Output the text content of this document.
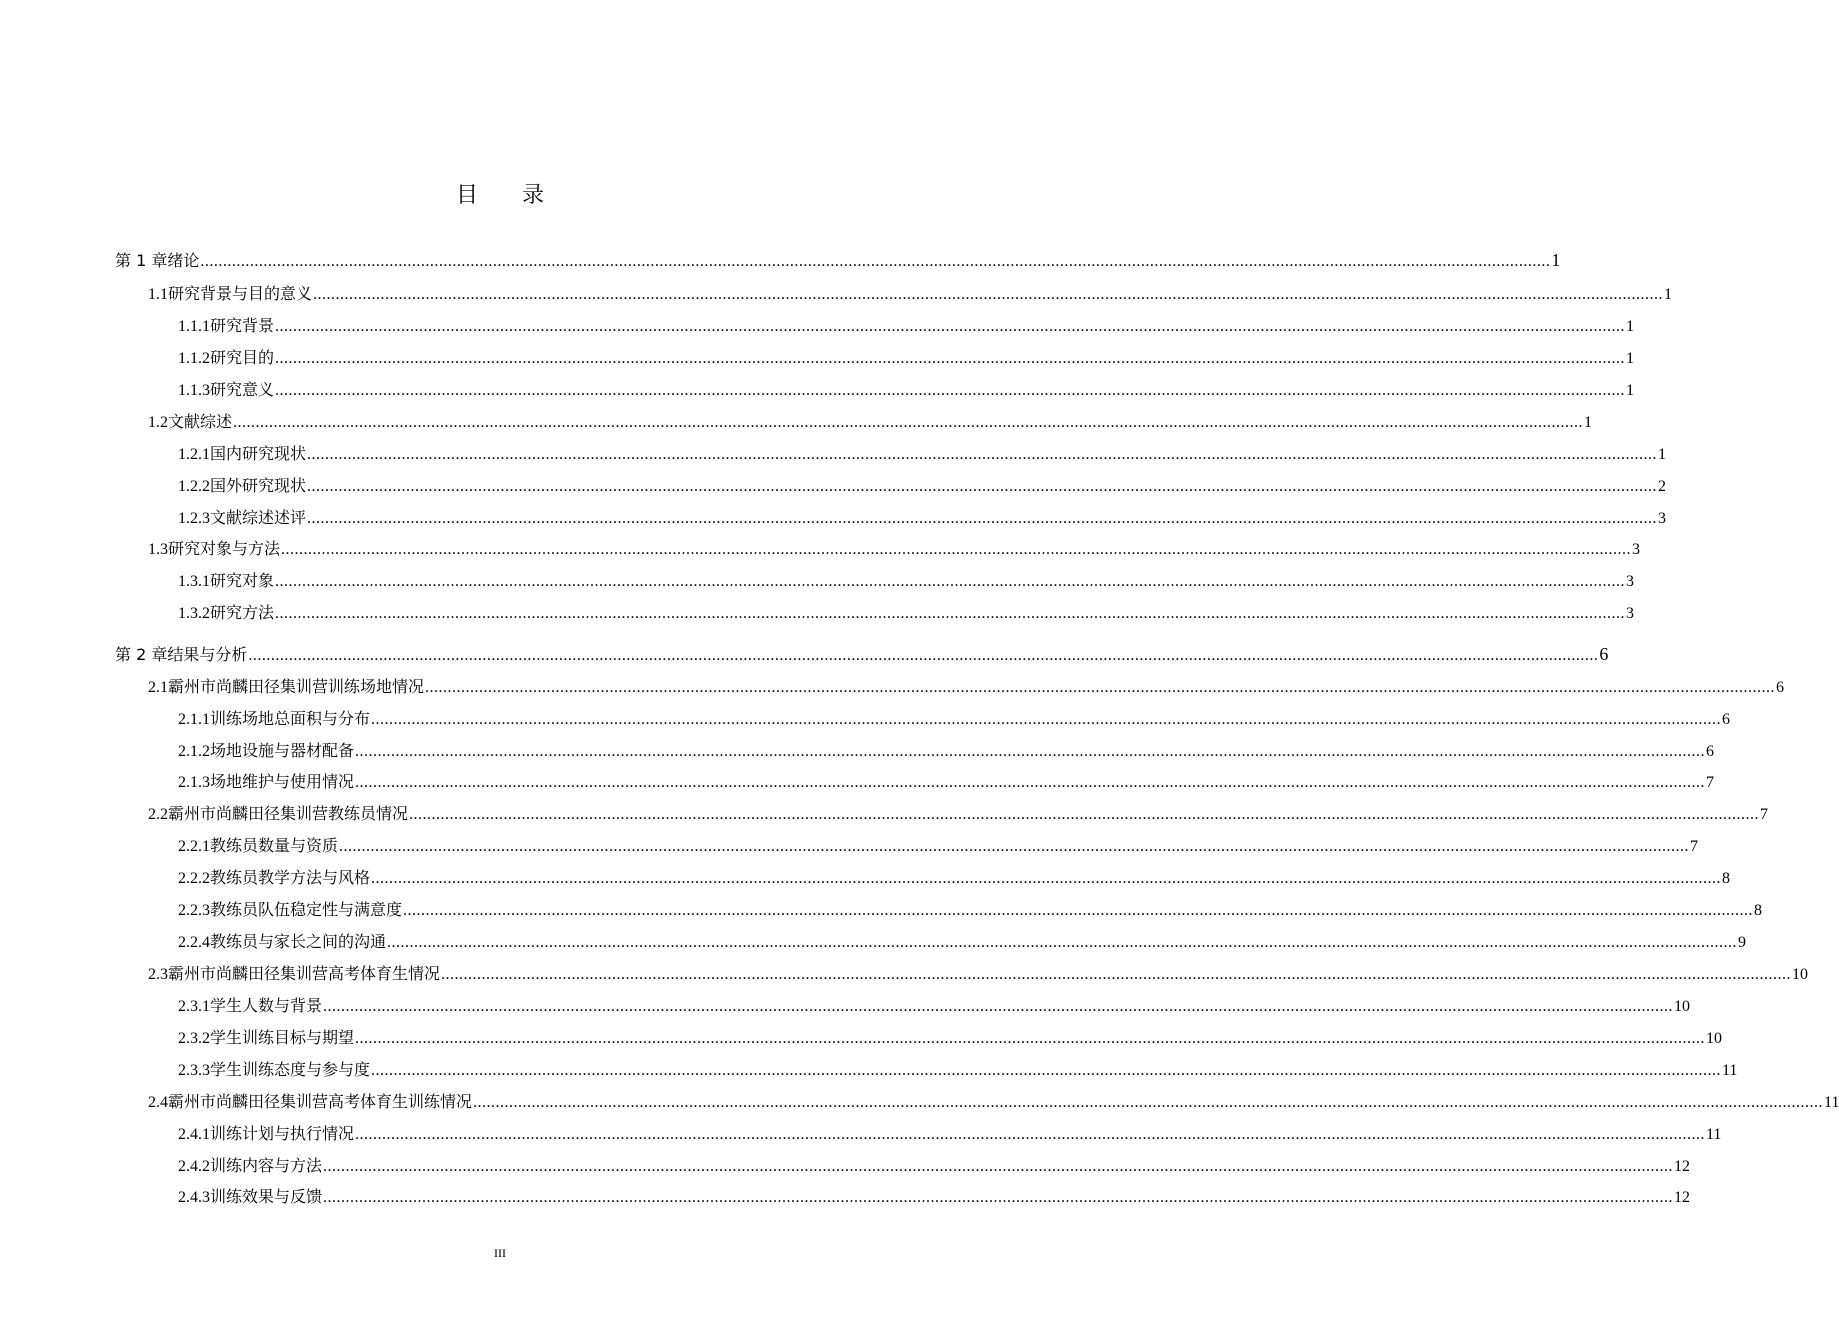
目 录
第 1 章 绪论 ............................................................................................................................................................................................................................................................................................................ 1
1.1 研究背景与目的意义 ............................................................................................................................................................................................................................................................................................................ 1
1.1.1 研究背景 ............................................................................................................................................................................................................................................................................................................ 1
1.1.2 研究目的 ............................................................................................................................................................................................................................................................................................................ 1
1.1.3 研究意义 ............................................................................................................................................................................................................................................................................................................ 1
1.2 文献综述 ............................................................................................................................................................................................................................................................................................................ 1
1.2.1 国内研究现状 ............................................................................................................................................................................................................................................................................................................ 1
1.2.2 国外研究现状 ............................................................................................................................................................................................................................................................................................................ 2
1.2.3 文献综述述评 ............................................................................................................................................................................................................................................................................................................ 3
1.3 研究对象与方法 ............................................................................................................................................................................................................................................................................................................ 3
1.3.1 研究对象 ............................................................................................................................................................................................................................................................................................................ 3
1.3.2 研究方法 ............................................................................................................................................................................................................................................................................................................ 3
第 2 章 结果与分析 ............................................................................................................................................................................................................................................................................................................ 6
2.1 霸州市尚麟田径集训营训练场地情况 ............................................................................................................................................................................................................................................................................................................ 6
2.1.1 训练场地总面积与分布 ............................................................................................................................................................................................................................................................................................................ 6
2.1.2 场地设施与器材配备 ............................................................................................................................................................................................................................................................................................................ 6
2.1.3 场地维护与使用情况 ............................................................................................................................................................................................................................................................................................................ 7
2.2 霸州市尚麟田径集训营教练员情况 ............................................................................................................................................................................................................................................................................................................ 7
2.2.1 教练员数量与资质 ............................................................................................................................................................................................................................................................................................................ 7
2.2.2 教练员教学方法与风格 ............................................................................................................................................................................................................................................................................................................ 8
2.2.3 教练员队伍稳定性与满意度 ............................................................................................................................................................................................................................................................................................................ 8
2.2.4 教练员与家长之间的沟通 ............................................................................................................................................................................................................................................................................................................ 9
2.3 霸州市尚麟田径集训营高考体育生情况 ............................................................................................................................................................................................................................................................................................................ 10
2.3.1 学生人数与背景 ............................................................................................................................................................................................................................................................................................................ 10
2.3.2 学生训练目标与期望 ............................................................................................................................................................................................................................................................................................................ 10
2.3.3 学生训练态度与参与度 ............................................................................................................................................................................................................................................................................................................ 11
2.4 霸州市尚麟田径集训营高考体育生训练情况 ............................................................................................................................................................................................................................................................................................................ 11
2.4.1 训练计划与执行情况 ............................................................................................................................................................................................................................................................................................................ 11
2.4.2 训练内容与方法 ............................................................................................................................................................................................................................................................................................................ 12
2.4.3 训练效果与反馈 ............................................................................................................................................................................................................................................................................................................ 12
III
